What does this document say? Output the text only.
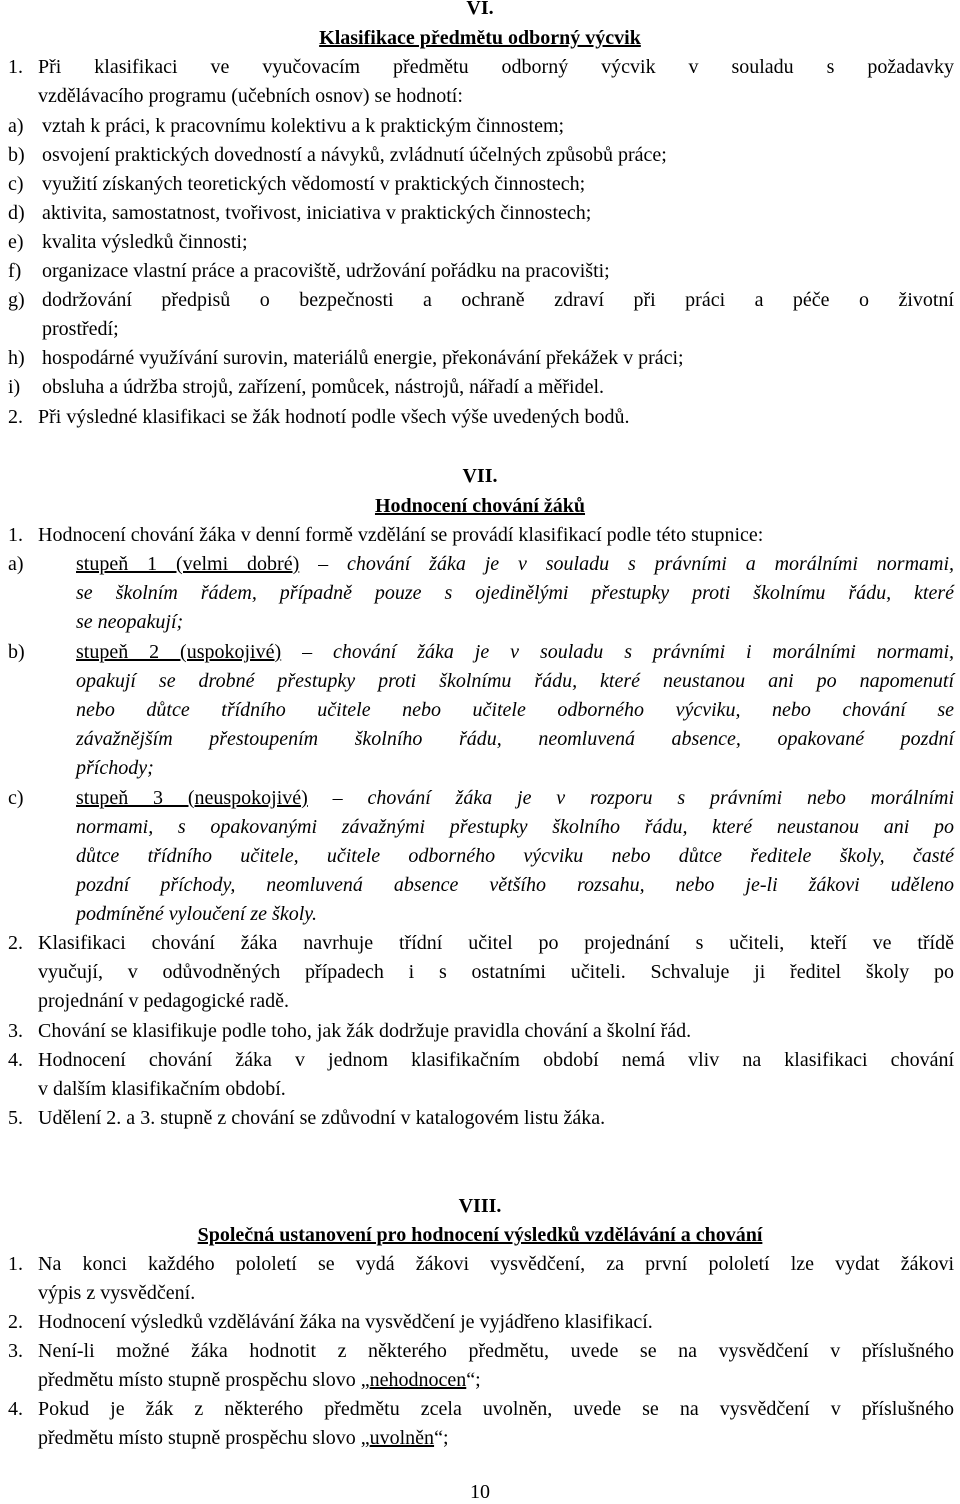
VI.
Klasifikace předmětu odborný výcvik
1. Při klasifikaci ve vyučovacím předmětu odborný výcvik v souladu s požadavky
vzdělávacího programu (učebních osnov) se hodnotí:
a) vztah k práci, k pracovnímu kolektivu a k praktickým činnostem;
b) osvojení praktických dovedností a návyků, zvládnutí účelných způsobů práce;
c) využití získaných teoretických vědomostí v praktických činnostech;
d) aktivita, samostatnost, tvořivost, iniciativa v praktických činnostech;
e) kvalita výsledků činnosti;
f) organizace vlastní práce a pracoviště, udržování pořádku na pracovišti;
g) dodržování předpisů o bezpečnosti a ochraně zdraví při práci a péče o životní
prostředí;
h) hospodárné využívání surovin, materiálů energie, překonávání překážek v práci;
i) obsluha a údržba strojů, zařízení, pomůcek, nástrojů, nářadí a měřidel.
2. Při výsledné klasifikaci se žák hodnotí podle všech výše uvedených bodů.
VII.
Hodnocení chování žáků
1. Hodnocení chování žáka v denní formě vzdělání se provádí klasifikací podle této stupnice:
a)	stupeň 1 (velmi dobré) – chování žáka je v souladu s právními a morálními normami,
se školním řádem, případně pouze s ojedinělými přestupky proti školnímu řádu, které
se neopakují;
b)	stupeň 2 (uspokojivé) – chování žáka je v souladu s právními i morálními normami,
opakují se drobné přestupky proti školnímu řádu, které neustanou ani po napomenutí
nebo důtce třídního učitele nebo učitele odborného výcviku, nebo chování se
závažnějším přestoupením školního řádu, neomluvená absence, opakované pozdní
příchody;
c)	stupeň 3 (neuspokojivé) – chování žáka je v rozporu s právními nebo morálními
normami, s opakovanými závažnými přestupky školního řádu, které neustanou ani po
důtce třídního učitele, učitele odborného výcviku nebo důtce ředitele školy, časté
pozdní příchody, neomluvená absence většího rozsahu, nebo je-li žákovi uděleno
podmíněné vyloučení ze školy.
2. Klasifikaci chování žáka navrhuje třídní učitel po projednání s učiteli, kteří ve třídě
vyučují, v odůvodněných případech i s ostatními učiteli. Schvaluje ji ředitel školy po
projednání v pedagogické radě.
3. Chování se klasifikuje podle toho, jak žák dodržuje pravidla chování a školní řád.
4. Hodnocení chování žáka v jednom klasifikačním období nemá vliv na klasifikaci chování
v dalším klasifikačním období.
5. Udělení 2. a 3. stupně z chování se zdůvodní v katalogovém listu žáka.
VIII.
Společná ustanovení pro hodnocení výsledků vzdělávání a chování
1. Na konci každého pololetí se vydá žákovi vysvědčení, za první pololetí lze vydat žákovi
výpis z vysvědčení.
2. Hodnocení výsledků vzdělávání žáka na vysvědčení je vyjádřeno klasifikací.
3. Není-li možné žáka hodnotit z některého předmětu, uvede se na vysvědčení v příslušného
předmětu místo stupně prospěchu slovo „nehodnocen“;
4. Pokud je žák z některého předmětu zcela uvolněn, uvede se na vysvědčení v příslušného
předmětu místo stupně prospěchu slovo „uvolněn“;
10
